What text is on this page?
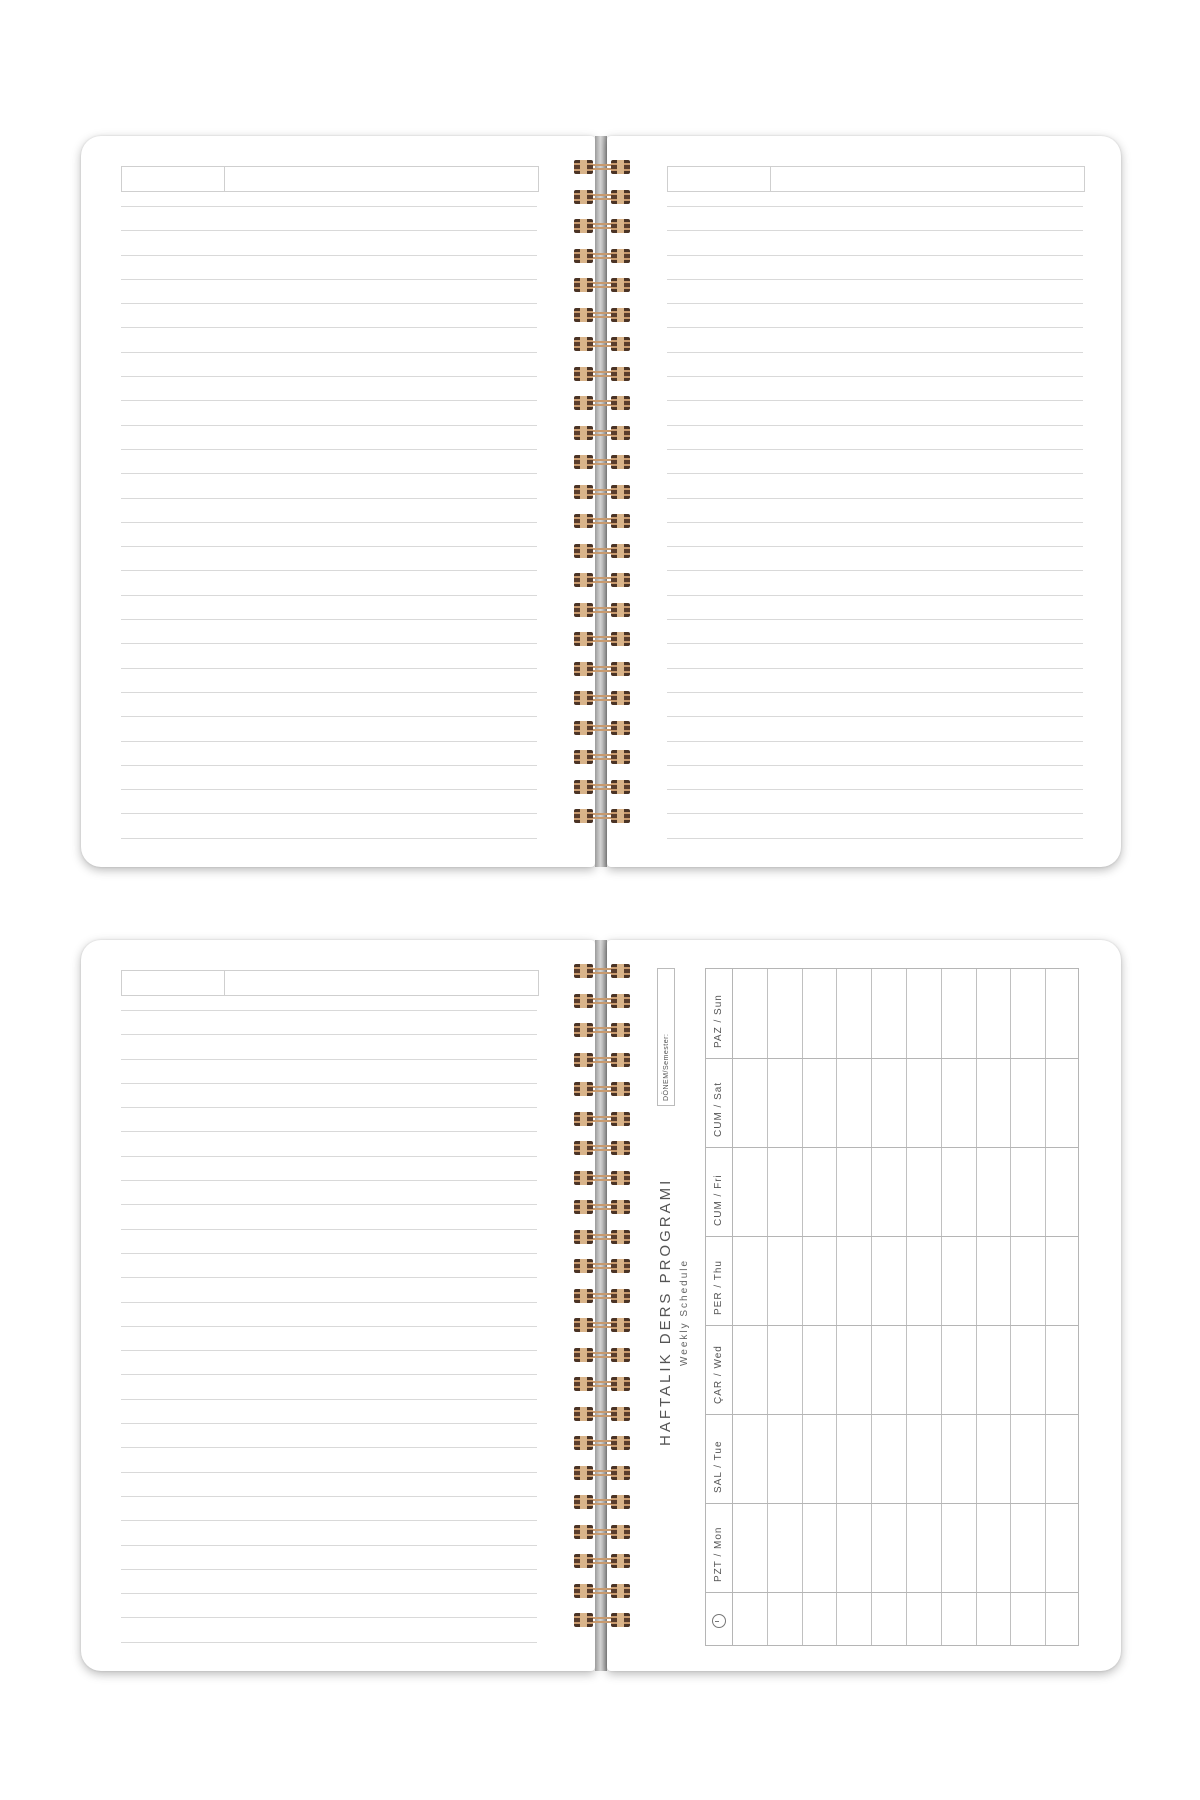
DÖNEM/Semester:
HAFTALIK DERS PROGRAMI Weekly Schedule
PZT / Mon
SAL / Tue
ÇAR / Wed
PER / Thu
CUM / Fri
CUM / Sat
PAZ / Sun
